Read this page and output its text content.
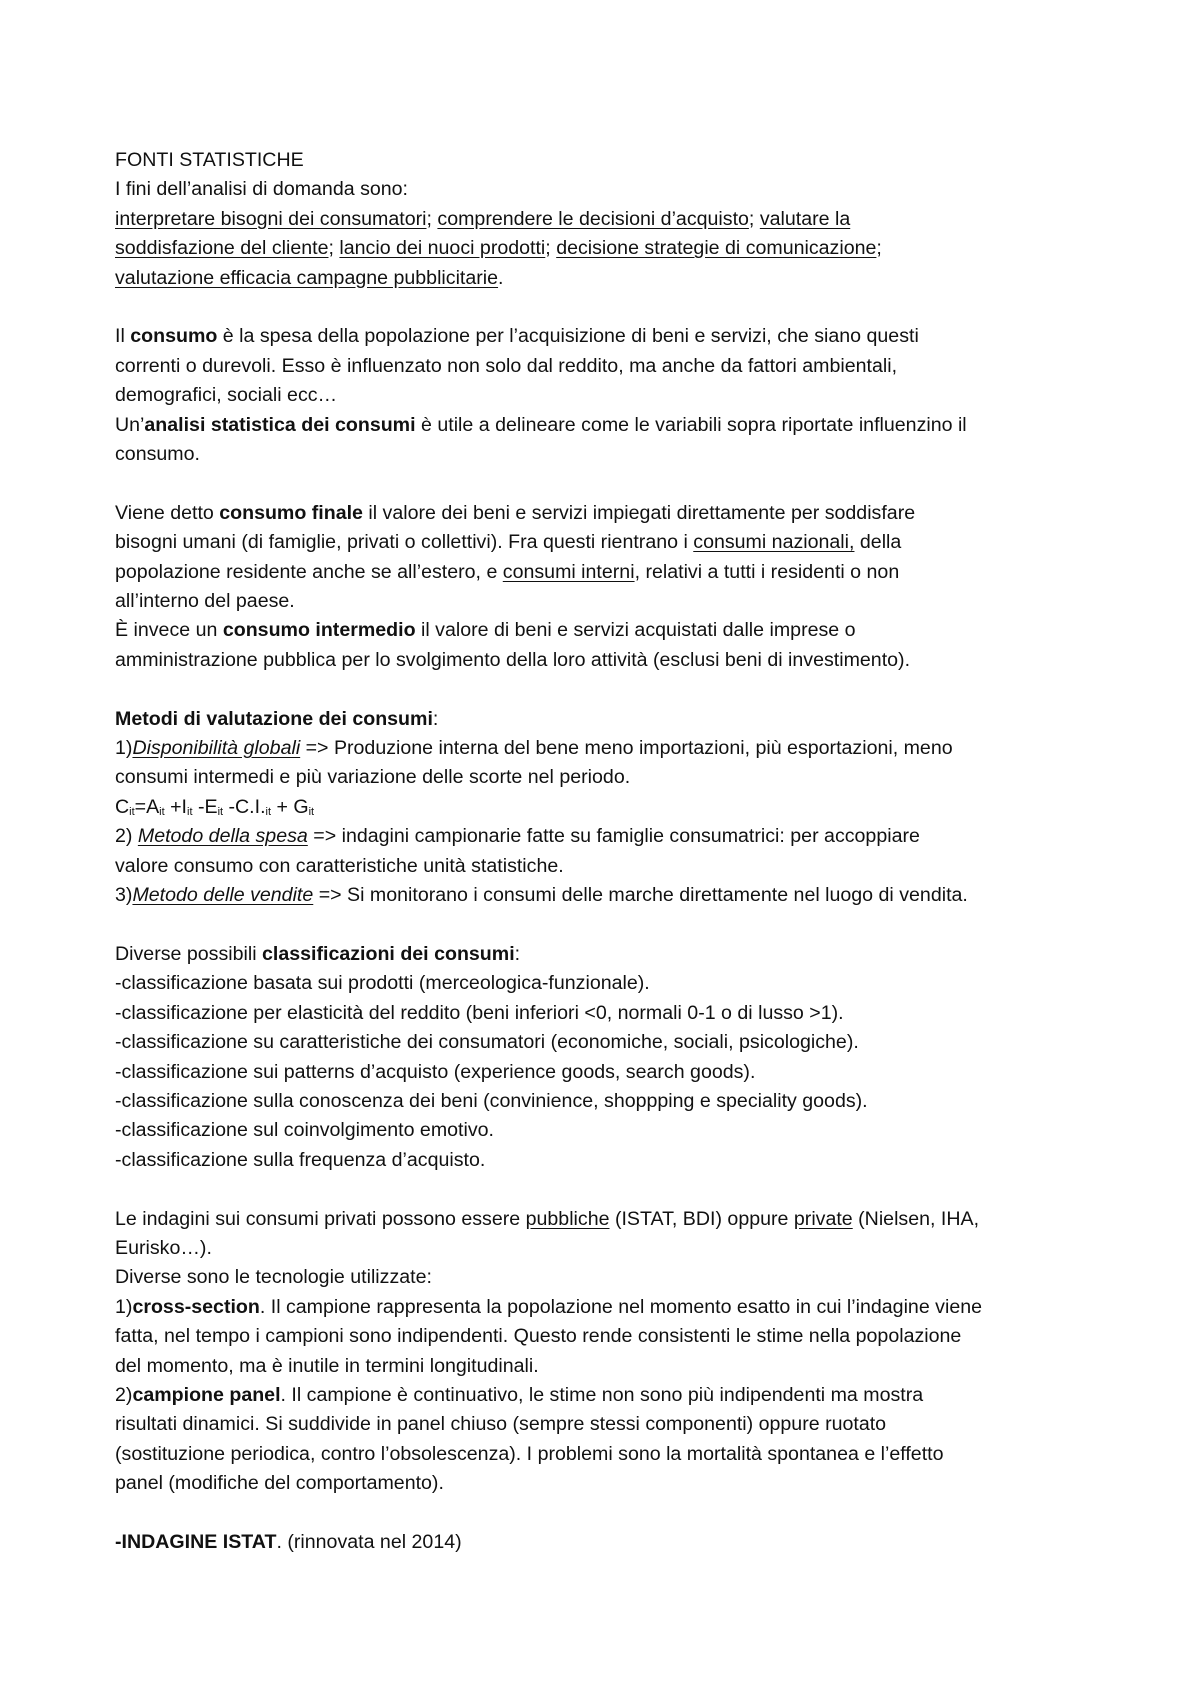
FONTI STATISTICHE
I fini dell’analisi di domanda sono:
interpretare bisogni dei consumatori; comprendere le decisioni d’acquisto; valutare la
soddisfazione del cliente; lancio dei nuoci prodotti; decisione strategie di comunicazione;
valutazione efficacia campagne pubblicitarie.
Il consumo è la spesa della popolazione per l’acquisizione di beni e servizi, che siano questi
correnti o durevoli. Esso è influenzato non solo dal reddito, ma anche da fattori ambientali,
demografici, sociali ecc…
Un’analisi statistica dei consumi è utile a delineare come le variabili sopra riportate influenzino il
consumo.
Viene detto consumo finale il valore dei beni e servizi impiegati direttamente per soddisfare
bisogni umani (di famiglie, privati o collettivi). Fra questi rientrano i consumi nazionali, della
popolazione residente anche se all’estero, e consumi interni, relativi a tutti i residenti o non
all’interno del paese.
È invece un consumo intermedio il valore di beni e servizi acquistati dalle imprese o
amministrazione pubblica per lo svolgimento della loro attività (esclusi beni di investimento).
Metodi di valutazione dei consumi:
1)Disponibilità globali => Produzione interna del bene meno importazioni, più esportazioni, meno
consumi intermedi e più variazione delle scorte nel periodo.
$C_{it}=A_{it} +I_{it}$ $-E_{it}$ $-C.I._{it} + G_{it}$
2) Metodo della spesa => indagini campionarie fatte su famiglie consumatrici: per accoppiare
valore consumo con caratteristiche unità statistiche.
3)Metodo delle vendite => Si monitorano i consumi delle marche direttamente nel luogo di vendita.
Diverse possibili classificazioni dei consumi:
-classificazione basata sui prodotti (merceologica-funzionale).
-classificazione per elasticità del reddito (beni inferiori <0, normali 0-1 o di lusso >1).
-classificazione su caratteristiche dei consumatori (economiche, sociali, psicologiche).
-classificazione sui patterns d’acquisto (experience goods, search goods).
-classificazione sulla conoscenza dei beni (convinience, shoppping e speciality goods).
-classificazione sul coinvolgimento emotivo.
-classificazione sulla frequenza d’acquisto.
Le indagini sui consumi privati possono essere pubbliche (ISTAT, BDI) oppure private (Nielsen, IHA,
Eurisko…).
Diverse sono le tecnologie utilizzate:
1)cross-section. Il campione rappresenta la popolazione nel momento esatto in cui l’indagine viene
fatta, nel tempo i campioni sono indipendenti. Questo rende consistenti le stime nella popolazione
del momento, ma è inutile in termini longitudinali.
2)campione panel. Il campione è continuativo, le stime non sono più indipendenti ma mostra
risultati dinamici. Si suddivide in panel chiuso (sempre stessi componenti) oppure ruotato
(sostituzione periodica, contro l’obsolescenza). I problemi sono la mortalità spontanea e l’effetto
panel (modifiche del comportamento).
-INDAGINE ISTAT. (rinnovata nel 2014)
